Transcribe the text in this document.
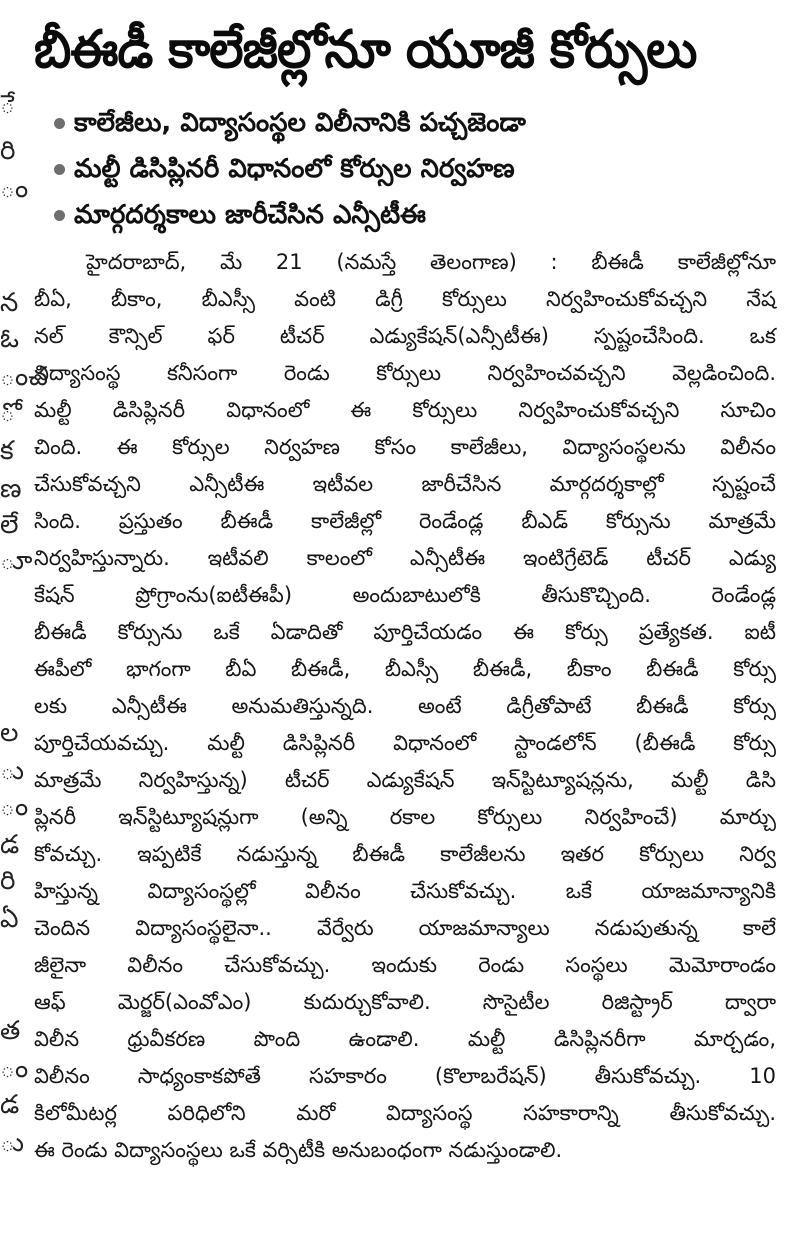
ే
రి
ం
న
ఓ
ంచ
ో
క
ణ
లే
ూ
ల
ు
ం
డ
రి
ఏ
త
ం
డ
ు
బీఈడీ కాలేజీల్లోనూ యూజీ కోర్సులు
కాలేజీలు, విద్యాసంస్థల విలీనానికి పచ్చజెండా
మల్టీ డిసిప్లినరీ విధానంలో కోర్సుల నిర్వహణ
మార్గదర్శకాలు జారీచేసిన ఎన్సీటీఈ
హైదరాబాద్, మే 21 (నమస్తే తెలంగాణ) : బీఈడీ కాలేజీల్లోనూ
బీఏ, బీకాం, బీఎస్సీ వంటి డిగ్రీ కోర్సులు నిర్వహించుకోవచ్చని నేష
నల్ కౌన్సిల్ ఫర్ టీచర్ ఎడ్యుకేషన్(ఎన్సీటీఈ) స్పష్టంచేసింది. ఒక
విద్యాసంస్థ కనీసంగా రెండు కోర్సులు నిర్వహించవచ్చని వెల్లడించింది.
మల్టీ డిసిప్లినరీ విధానంలో ఈ కోర్సులు నిర్వహించుకోవచ్చని సూచిం
చింది. ఈ కోర్సుల నిర్వహణ కోసం కాలేజీలు, విద్యాసంస్థలను విలీనం
చేసుకోవచ్చని ఎన్సీటీఈ ఇటీవల జారీచేసిన మార్గదర్శకాల్లో స్పష్టంచే
సింది. ప్రస్తుతం బీఈడీ కాలేజీల్లో రెండేండ్ల బీఎడ్ కోర్సును మాత్రమే
నిర్వహిస్తున్నారు. ఇటీవలి కాలంలో ఎన్సీటీఈ ఇంటిగ్రేటెడ్ టీచర్ ఎడ్యు
కేషన్ ప్రోగ్రాంను(ఐటీఈపీ) అందుబాటులోకి తీసుకొచ్చింది. రెండేండ్ల
బీఈడీ కోర్సును ఒకే ఏడాదితో పూర్తిచేయడం ఈ కోర్సు ప్రత్యేకత. ఐటీ
ఈపీలో భాగంగా బీఏ బీఈడీ, బీఎస్సీ బీఈడీ, బీకాం బీఈడీ కోర్సు
లకు ఎన్సీటీఈ అనుమతిస్తున్నది. అంటే డిగ్రీతోపాటే బీఈడీ కోర్సు
పూర్తిచేయవచ్చు. మల్టీ డిసిప్లినరీ విధానంలో స్టాండలోన్ (బీఈడీ కోర్సు
మాత్రమే నిర్వహిస్తున్న) టీచర్ ఎడ్యుకేషన్ ఇన్‌స్టిట్యూషన్లను, మల్టీ డిసి
ప్లినరీ ఇన్‌స్టిట్యూషన్లుగా (అన్ని రకాల కోర్సులు నిర్వహించే) మార్చు
కోవచ్చు. ఇప్పటికే నడుస్తున్న బీఈడీ కాలేజీలను ఇతర కోర్సులు నిర్వ
హిస్తున్న విద్యాసంస్థల్లో విలీనం చేసుకోవచ్చు. ఒకే యాజమాన్యానికి
చెందిన విద్యాసంస్థలైనా.. వేర్వేరు యాజమాన్యాలు నడుపుతున్న కాలే
జీలైనా విలీనం చేసుకోవచ్చు. ఇందుకు రెండు సంస్థలు మెమోరాండం
ఆఫ్ మెర్జర్(ఎంవోఎం) కుదుర్చుకోవాలి. సొసైటీల రిజిస్ట్రార్ ద్వారా
విలీన ధ్రువీకరణ పొంది ఉండాలి. మల్టీ డిసిప్లినరీగా మార్చడం,
విలీనం సాధ్యంకాకపోతే సహకారం (కొలాబరేషన్) తీసుకోవచ్చు. 10
కిలోమీటర్ల పరిధిలోని మరో విద్యాసంస్థ సహకారాన్ని తీసుకోవచ్చు.
ఈ రెండు విద్యాసంస్థలు ఒకే వర్సిటీకి అనుబంధంగా నడుస్తుండాలి.
